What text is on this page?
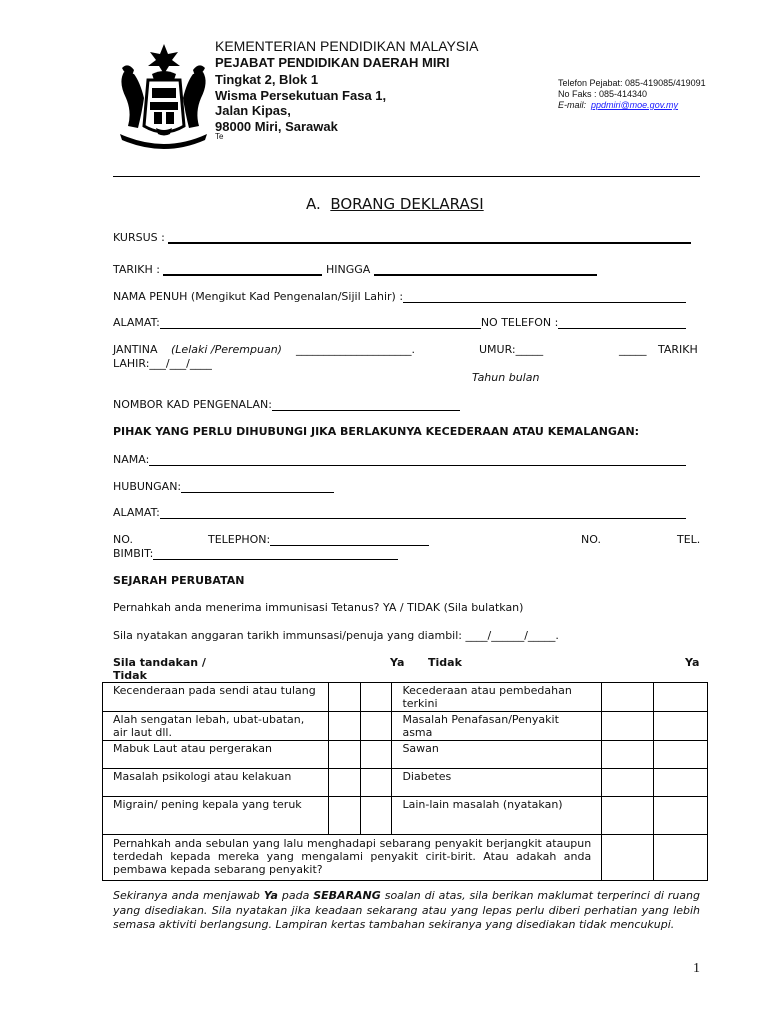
KEMENTERIAN PENDIDIKAN MALAYSIA
PEJABAT PENDIDIKAN DAERAH MIRI
Tingkat 2, Blok 1
Wisma Persekutuan Fasa 1,
Jalan Kipas,
98000 Miri, Sarawak
Te
Telefon Pejabat: 085-419085/419091
No Faks : 085-414340
E-mail: ppdmiri@moe.gov.my
A. BORANG DEKLARASI
KURSUS :
TARIKH :	HINGGA
NAMA PENUH (Mengikut Kad Pengenalan/Sijil Lahir) :
ALAMAT:	NO TELEFON :
JANTINA (Lelaki /Perempuan) _____________________.	UMUR:_____	_____ TARIKH
LAHIR:___/___/____
Tahun bulan
NOMBOR KAD PENGENALAN:
PIHAK YANG PERLU DIHUBUNGI JIKA BERLAKUNYA KECEDERAAN ATAU KEMALANGAN:
NAMA:
HUBUNGAN:
ALAMAT:
NO.	TELEPHON:	NO.	TEL.
BIMBIT:
SEJARAH PERUBATAN
Pernahkah anda menerima immunisasi Tetanus? YA / TIDAK (Sila bulatkan)
Sila nyatakan anggaran tarikh immunsasi/penuja yang diambil: ____/______/_____.
Sila tandakan /
Tidak
Ya Tidak	Ya
Kecenderaan pada sendi atau tulang			Kecederaan atau pembedahan terkini		
Alah sengatan lebah, ubat-ubatan, air laut dll.			Masalah Penafasan/Penyakit asma		
Mabuk Laut atau pergerakan			Sawan		
Masalah psikologi atau kelakuan			Diabetes		
Migrain/ pening kepala yang teruk			Lain-lain masalah (nyatakan)		
Pernahkah anda sebulan yang lalu menghadapi sebarang penyakit berjangkit ataupun terdedah kepada mereka yang mengalami penyakit cirit-birit. Atau adakah anda pembawa kepada sebarang penyakit?					
Sekiranya anda menjawab Ya pada SEBARANG soalan di atas, sila berikan maklumat terperinci di ruang yang disediakan. Sila nyatakan jika keadaan sekarang atau yang lepas perlu diberi perhatian yang lebih semasa aktiviti berlangsung. Lampiran kertas tambahan sekiranya yang disediakan tidak mencukupi.
1
